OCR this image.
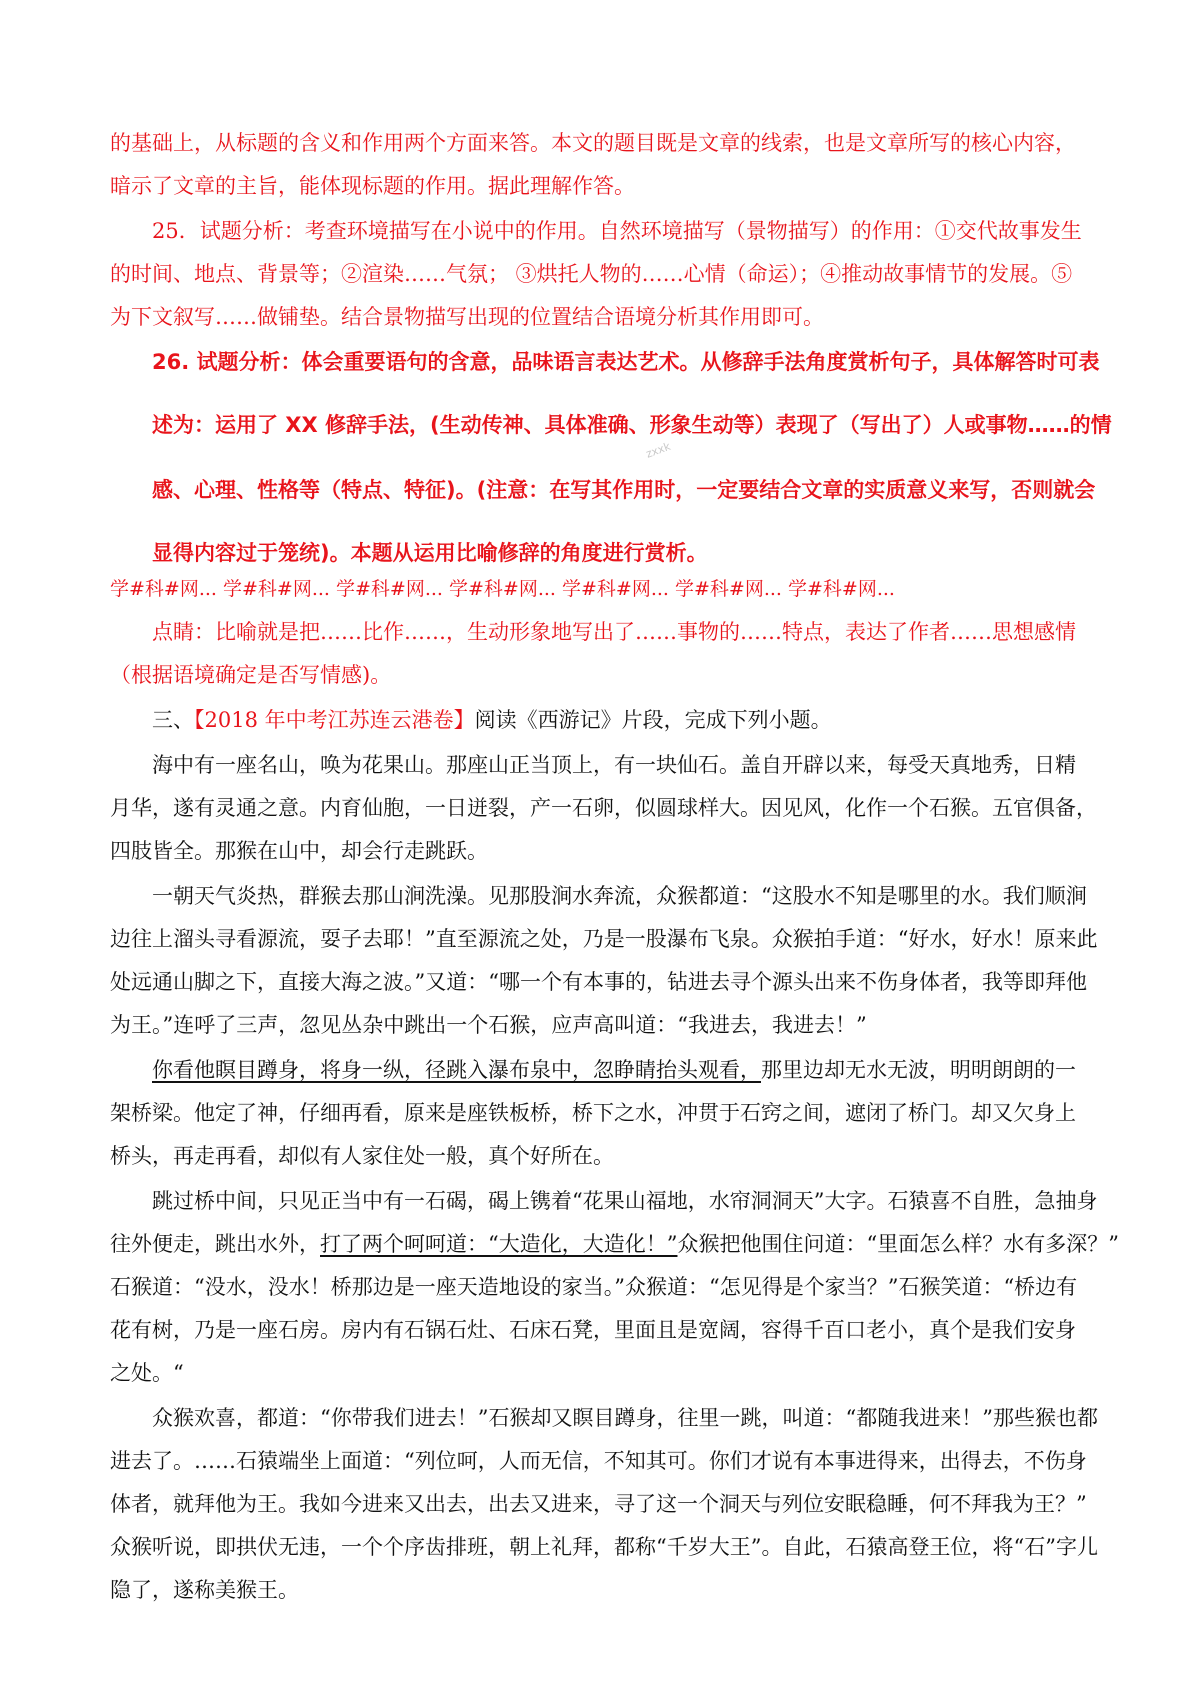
的基础上，从标题的含义和作用两个方面来答。本文的题目既是文章的线索，也是文章所写的核心内容，
暗示了文章的主旨，能体现标题的作用。据此理解作答。
25．试题分析：考查环境描写在小说中的作用。自然环境描写（景物描写）的作用：①交代故事发生
的时间、地点、背景等；②渲染……气氛； ③烘托人物的……心情（命运）；④推动故事情节的发展。⑤
为下文叙写……做铺垫。结合景物描写出现的位置结合语境分析其作用即可。
26. 试题分析：体会重要语句的含意，品味语言表达艺术。从修辞手法角度赏析句子，具体解答时可表
述为：运用了 XX 修辞手法，(生动传神、具体准确、形象生动等）表现了（写出了）人或事物……的情
感、心理、性格等（特点、特征)。(注意：在写其作用时，一定要结合文章的实质意义来写，否则就会
显得内容过于笼统)。本题从运用比喻修辞的角度进行赏析。
zxxk
学#科#网... 学#科#网... 学#科#网... 学#科#网... 学#科#网... 学#科#网... 学#科#网...
点睛：比喻就是把……比作……，生动形象地写出了……事物的……特点，表达了作者……思想感情
（根据语境确定是否写情感)。
三、【2018 年中考江苏连云港卷】阅读《西游记》片段，完成下列小题。
海中有一座名山，唤为花果山。那座山正当顶上，有一块仙石。盖自开辟以来，每受天真地秀，日精
月华，遂有灵通之意。内育仙胞，一日迸裂，产一石卵，似圆球样大。因见风，化作一个石猴。五官俱备，
四肢皆全。那猴在山中，却会行走跳跃。
一朝天气炎热，群猴去那山涧洗澡。见那股涧水奔流，众猴都道：“这股水不知是哪里的水。我们顺涧
边往上溜头寻看源流，耍子去耶！”直至源流之处，乃是一股瀑布飞泉。众猴拍手道：“好水，好水！原来此
处远通山脚之下，直接大海之波。”又道：“哪一个有本事的，钻进去寻个源头出来不伤身体者，我等即拜他
为王。”连呼了三声，忽见丛杂中跳出一个石猴，应声高叫道：“我进去，我进去！”
你看他瞑目蹲身，将身一纵，径跳入瀑布泉中，忽睁睛抬头观看，那里边却无水无波，明明朗朗的一
架桥梁。他定了神，仔细再看，原来是座铁板桥，桥下之水，冲贯于石窍之间，遮闭了桥门。却又欠身上
桥头，再走再看，却似有人家住处一般，真个好所在。
跳过桥中间，只见正当中有一石碣，碣上镌着“花果山福地，水帘洞洞天”大字。石猿喜不自胜，急抽身
往外便走，跳出水外，打了两个呵呵道：“大造化，大造化！”众猴把他围住问道：“里面怎么样？水有多深？”
石猴道：“没水，没水！桥那边是一座天造地设的家当。”众猴道：“怎见得是个家当？”石猴笑道：“桥边有
花有树，乃是一座石房。房内有石锅石灶、石床石凳，里面且是宽阔，容得千百口老小，真个是我们安身
之处。“
众猴欢喜，都道：“你带我们进去！”石猴却又瞑目蹲身，往里一跳，叫道：“都随我进来！”那些猴也都
进去了。……石猿端坐上面道：“列位呵，人而无信，不知其可。你们才说有本事进得来，出得去，不伤身
体者，就拜他为王。我如今进来又出去，出去又进来，寻了这一个洞天与列位安眠稳睡，何不拜我为王？”
众猴听说，即拱伏无违，一个个序齿排班，朝上礼拜，都称“千岁大王”。自此，石猿高登王位，将“石”字儿
隐了，遂称美猴王。
